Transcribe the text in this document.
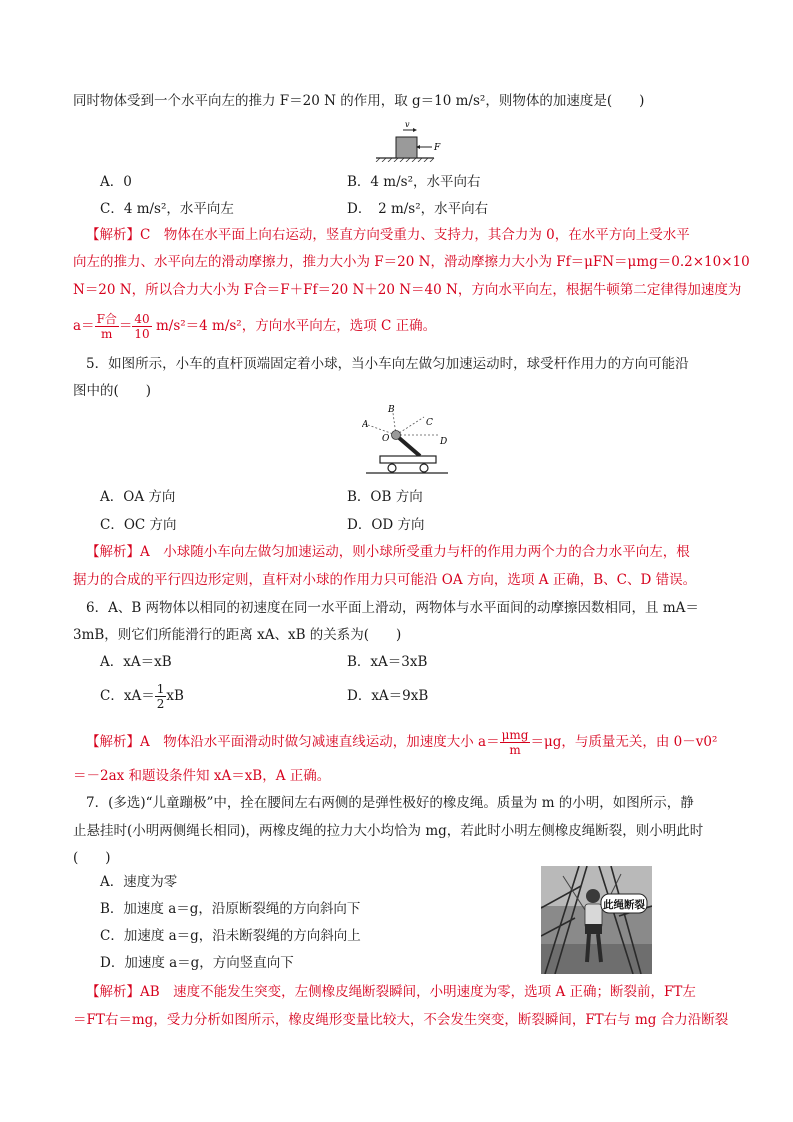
同时物体受到一个水平向左的推力 F＝20 N 的作用，取 g＝10 m/s²，则物体的加速度是(　　)
v
F
A．0	B．4 m/s²，水平向右
C．4 m/s²，水平向左	D．　2 m/s²，水平向右
【解析】C　物体在水平面上向右运动，竖直方向受重力、支持力，其合力为 0，在水平方向上受水平
向左的推力、水平向左的滑动摩擦力，推力大小为 F＝20 N，滑动摩擦力大小为 Ff＝μFN＝μmg＝0.2×10×10
N＝20 N，所以合力大小为 F合＝F＋Ff＝20 N＋20 N＝40 N，方向水平向左，根据牛顿第二定律得加速度为
$a= \frac{\text{F合}}{m} = \frac{40}{10} m/s^2=4$ m/s²，方向水平向左，选项 C 正确。
5．如图所示，小车的直杆顶端固定着小球，当小车向左做匀加速运动时，球受杆作用力的方向可能沿
图中的(　　)
A
B
C
D
O
A．OA 方向	B．OB 方向
C．OC 方向	D．OD 方向
【解析】A　小球随小车向左做匀加速运动，则小球所受重力与杆的作用力两个力的合力水平向左，根
据力的合成的平行四边形定则，直杆对小球的作用力只可能沿 OA 方向，选项 A 正确，B、C、D 错误。
6．A、B 两物体以相同的初速度在同一水平面上滑动，两物体与水平面间的动摩擦因数相同，且 mA＝
3mB，则它们所能滑行的距离 xA、xB 的关系为(　　)
A．xA＝xB	B．xA＝3xB
C．$xA= \frac{1}{2}$ xB	D．xA＝9xB
【解析】A　物体沿水平面滑动时做匀减速直线运动，加速度大小 $a= \frac{\text{μmg}}{m} =\mu g$，与质量无关，由 0－v0²
＝－2ax 和题设条件知 xA＝xB，A 正确。
7．(多选)“儿童蹦极”中，拴在腰间左右两侧的是弹性极好的橡皮绳。质量为 m 的小明，如图所示，静
止悬挂时(小明两侧绳长相同)，两橡皮绳的拉力大小均恰为 mg，若此时小明左侧橡皮绳断裂，则小明此时
(　　)
A．速度为零
B．加速度 a＝g，沿原断裂绳的方向斜向下
C．加速度 a＝g，沿未断裂绳的方向斜向上
D．加速度 a＝g，方向竖直向下
此绳断裂
【解析】AB　速度不能发生突变，左侧橡皮绳断裂瞬间，小明速度为零，选项 A 正确；断裂前，FT左
＝FT右＝mg，受力分析如图所示，橡皮绳形变量比较大，不会发生突变，断裂瞬间，FT右与 mg 合力沿断裂
